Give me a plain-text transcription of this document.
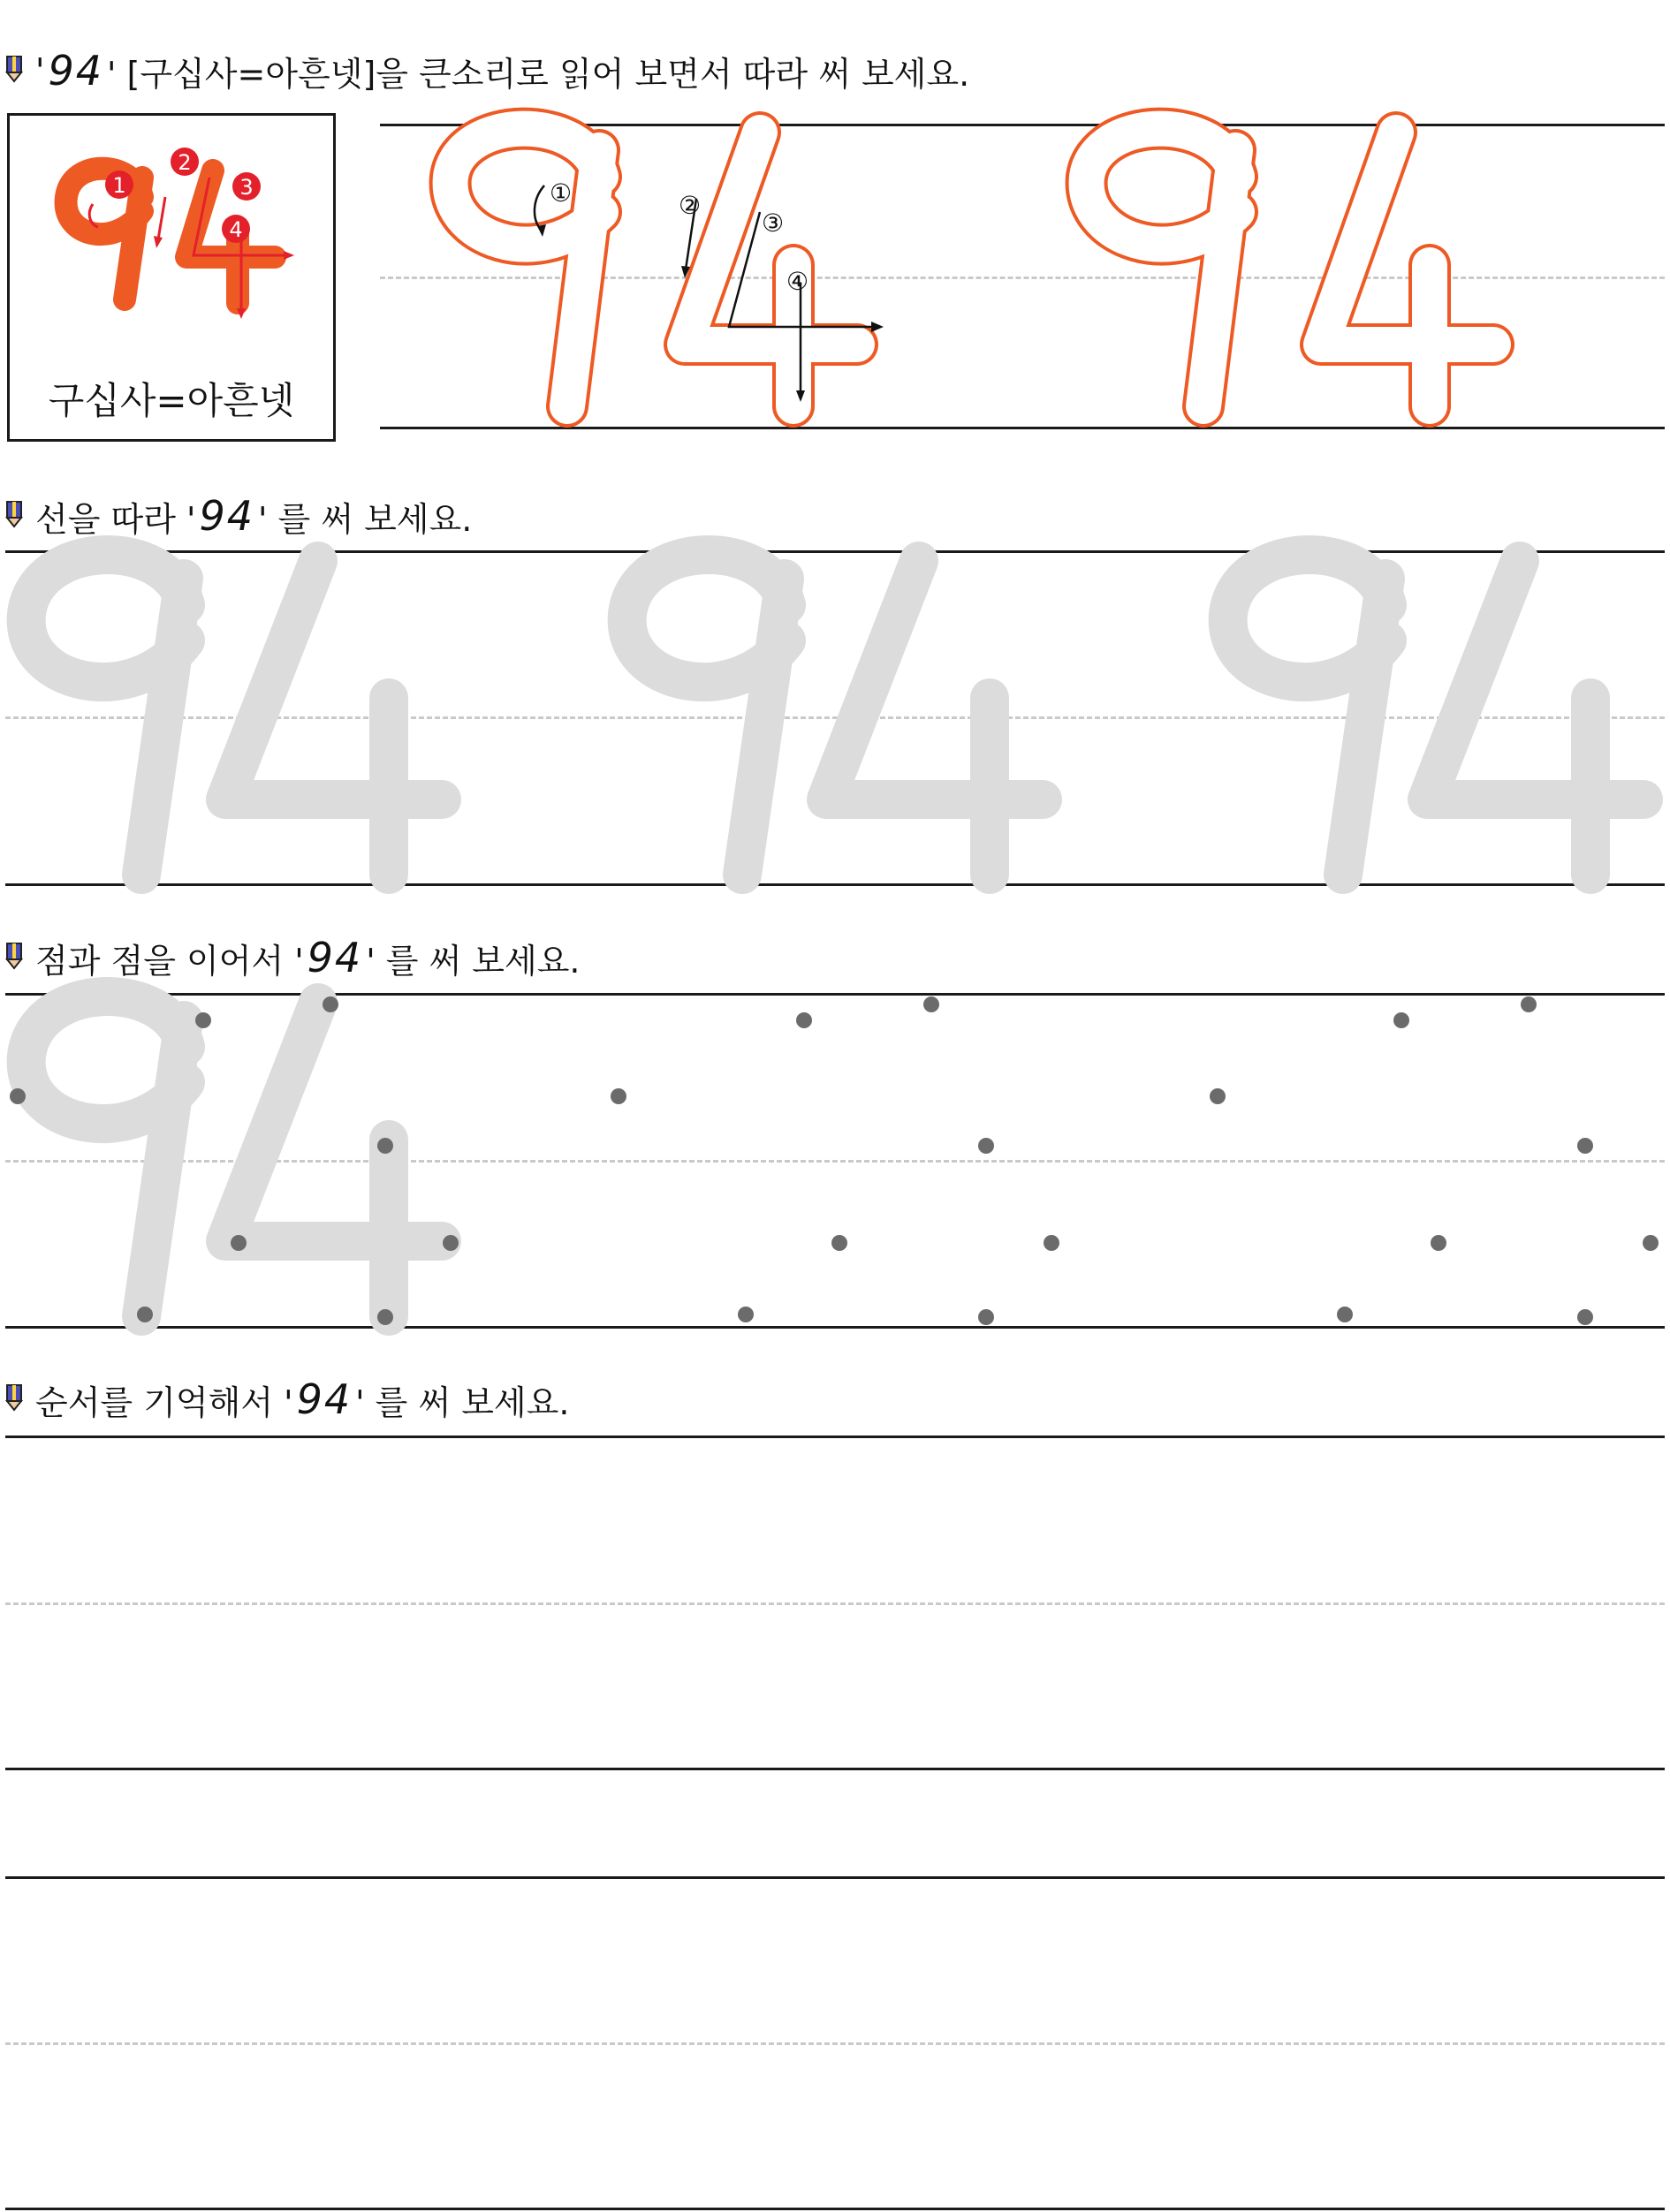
' 94 ' [구십사=아흔넷]을 큰소리로 읽어 보면서 따라 써 보세요.
1
2
3
4
구십사=아흔넷
①	②
③
④
선을 따라 ' 94 ' 를 써 보세요.
점과 점을 이어서 ' 94 ' 를 써 보세요.
순서를 기억해서 ' 94 ' 를 써 보세요.
